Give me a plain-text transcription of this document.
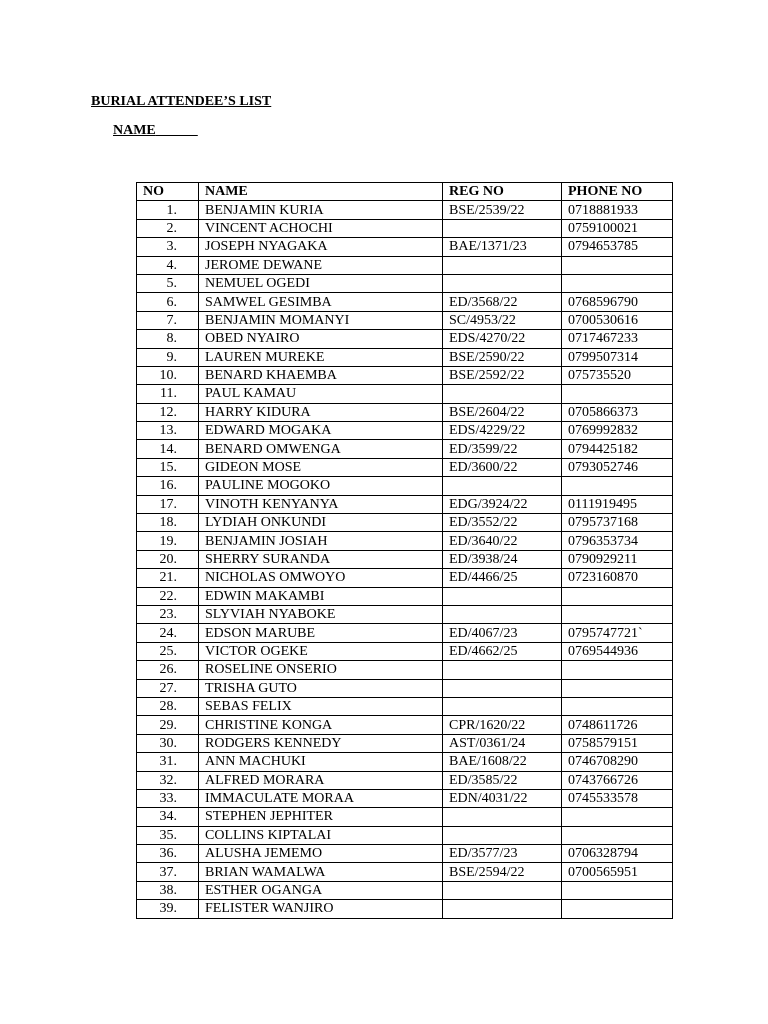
BURIAL ATTENDEE’S LIST
NAME
NO	NAME	REG NO	PHONE NO
1.	BENJAMIN KURIA	BSE/2539/22	0718881933
2.	VINCENT ACHOCHI		0759100021
3.	JOSEPH NYAGAKA	BAE/1371/23	0794653785
4.	JEROME DEWANE		
5.	NEMUEL OGEDI		
6.	SAMWEL GESIMBA	ED/3568/22	0768596790
7.	BENJAMIN MOMANYI	SC/4953/22	0700530616
8.	OBED NYAIRO	EDS/4270/22	0717467233
9.	LAUREN MUREKE	BSE/2590/22	0799507314
10.	BENARD KHAEMBA	BSE/2592/22	075735520
11.	PAUL KAMAU		
12.	HARRY KIDURA	BSE/2604/22	0705866373
13.	EDWARD MOGAKA	EDS/4229/22	0769992832
14.	BENARD OMWENGA	ED/3599/22	0794425182
15.	GIDEON MOSE	ED/3600/22	0793052746
16.	PAULINE MOGOKO		
17.	VINOTH KENYANYA	EDG/3924/22	0111919495
18.	LYDIAH ONKUNDI	ED/3552/22	0795737168
19.	BENJAMIN JOSIAH	ED/3640/22	0796353734
20.	SHERRY SURANDA	ED/3938/24	0790929211
21.	NICHOLAS OMWOYO	ED/4466/25	0723160870
22.	EDWIN MAKAMBI		
23.	SLYVIAH NYABOKE		
24.	EDSON MARUBE	ED/4067/23	0795747721`
25.	VICTOR OGEKE	ED/4662/25	0769544936
26.	ROSELINE ONSERIO		
27.	TRISHA GUTO		
28.	SEBAS FELIX		
29.	CHRISTINE KONGA	CPR/1620/22	0748611726
30.	RODGERS KENNEDY	AST/0361/24	0758579151
31.	ANN MACHUKI	BAE/1608/22	0746708290
32.	ALFRED MORARA	ED/3585/22	0743766726
33.	IMMACULATE MORAA	EDN/4031/22	0745533578
34.	STEPHEN JEPHITER		
35.	COLLINS KIPTALAI		
36.	ALUSHA JEMEMO	ED/3577/23	0706328794
37.	BRIAN WAMALWA	BSE/2594/22	0700565951
38.	ESTHER OGANGA		
39.	FELISTER WANJIRO		
